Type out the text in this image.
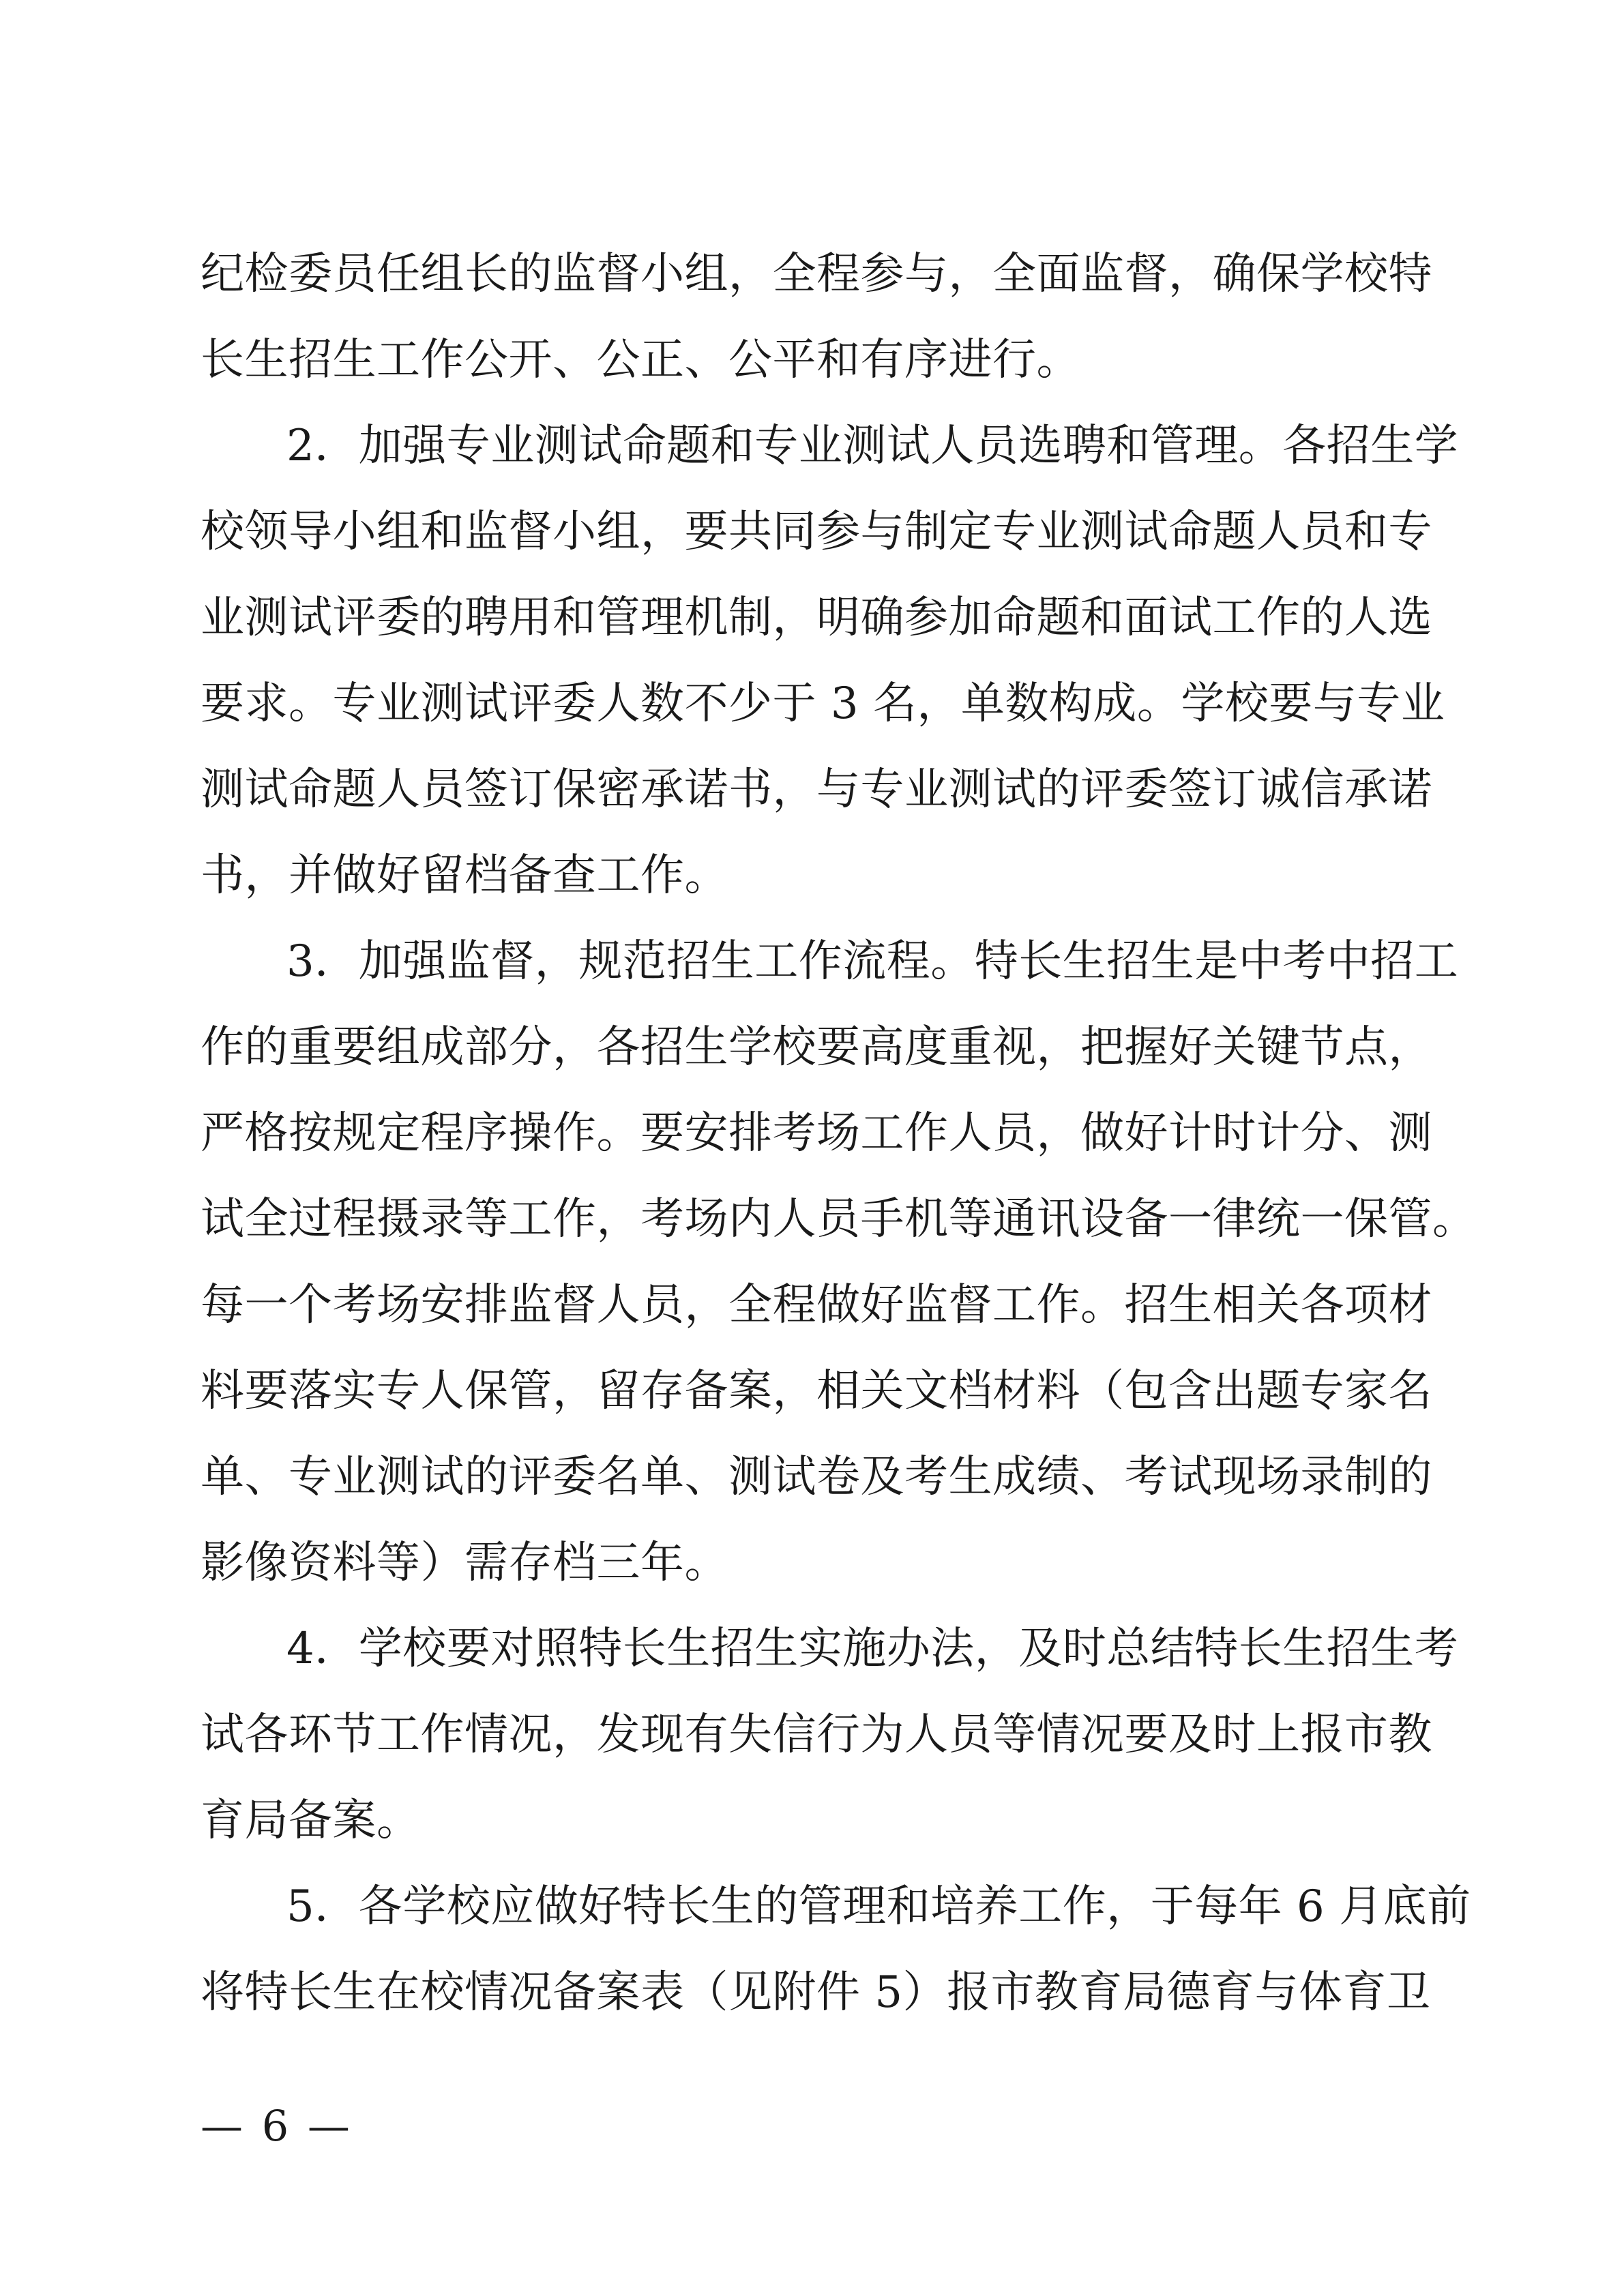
纪检委员任组长的监督小组，全程参与，全面监督，确保学校特
长生招生工作公开、公正、公平和有序进行。
2．加强专业测试命题和专业测试人员选聘和管理。各招生学
校领导小组和监督小组，要共同参与制定专业测试命题人员和专
业测试评委的聘用和管理机制，明确参加命题和面试工作的人选
要求。专业测试评委人数不少于 3 名，单数构成。学校要与专业
测试命题人员签订保密承诺书，与专业测试的评委签订诚信承诺
书，并做好留档备查工作。
3．加强监督，规范招生工作流程。特长生招生是中考中招工
作的重要组成部分，各招生学校要高度重视，把握好关键节点，
严格按规定程序操作。要安排考场工作人员，做好计时计分、测
试全过程摄录等工作，考场内人员手机等通讯设备一律统一保管。
每一个考场安排监督人员，全程做好监督工作。招生相关各项材
料要落实专人保管，留存备案，相关文档材料（包含出题专家名
单、专业测试的评委名单、测试卷及考生成绩、考试现场录制的
影像资料等）需存档三年。
4．学校要对照特长生招生实施办法，及时总结特长生招生考
试各环节工作情况，发现有失信行为人员等情况要及时上报市教
育局备案。
5．各学校应做好特长生的管理和培养工作，于每年 6 月底前
将特长生在校情况备案表（见附件 5）报市教育局德育与体育卫
— 6 —
